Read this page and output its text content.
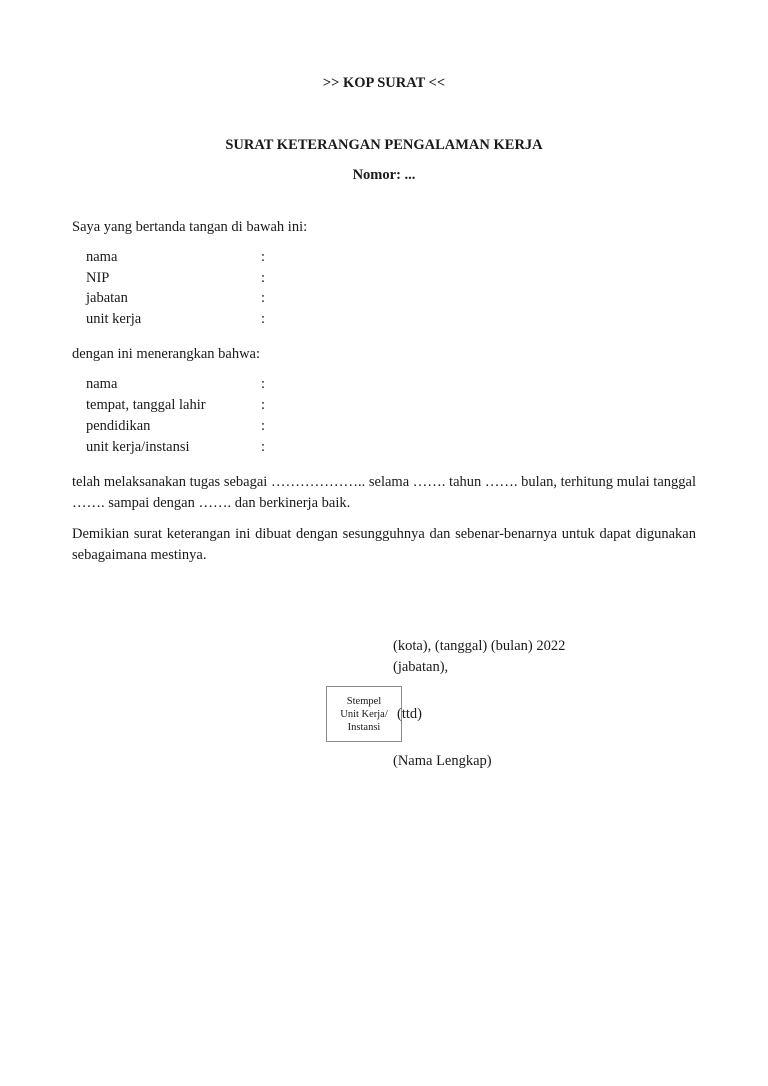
>> KOP SURAT <<
SURAT KETERANGAN PENGALAMAN KERJA
Nomor: ...
Saya yang bertanda tangan di bawah ini:
nama	:
NIP	:
jabatan	:
unit kerja	:
dengan ini menerangkan bahwa:
nama	:
tempat, tanggal lahir	:
pendidikan	:
unit kerja/instansi	:
telah melaksanakan tugas sebagai ……………….. selama ……. tahun ……. bulan, terhitung mulai tanggal ……. sampai dengan ……. dan berkinerja baik.
Demikian surat keterangan ini dibuat dengan sesungguhnya dan sebenar-benarnya untuk dapat digunakan sebagaimana mestinya.
(kota), (tanggal) (bulan) 2022
(jabatan),
Stempel
Unit Kerja/
Instansi
(ttd)
(Nama Lengkap)
